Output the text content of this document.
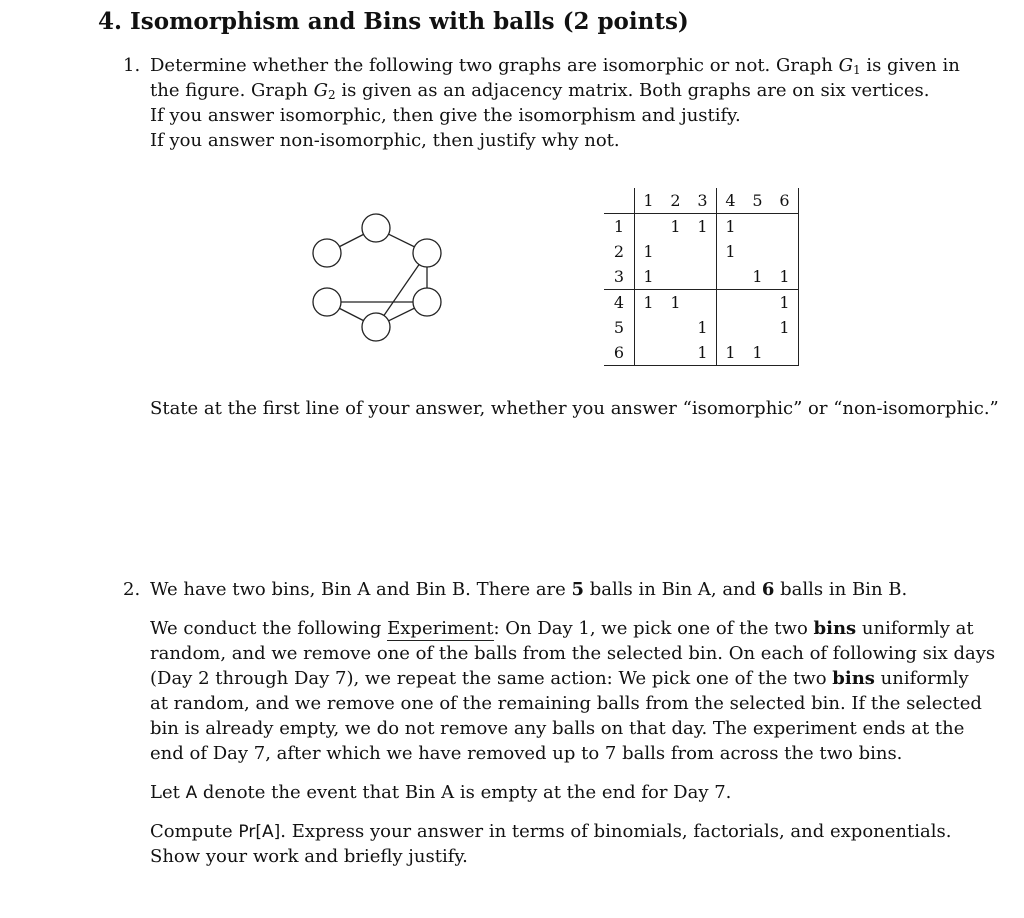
4. Isomorphism and Bins with balls (2 points)
1. Determine whether the following two graphs are isomorphic or not. Graph $G_1$ is given in
the figure. Graph $G_2$ is given as an adjacency matrix. Both graphs are on six vertices.
If you answer isomorphic, then give the isomorphism and justify.
If you answer non-isomorphic, then justify why not.
	1	2	3	4	5	6
1		1	1	1		
2	1			1		
3	1				1	1
4	1	1				1
5			1			1
6			1	1	1	
State at the first line of your answer, whether you answer “isomorphic” or “non-isomorphic.”
2. We have two bins, Bin A and Bin B. There are 5 balls in Bin A, and 6 balls in Bin B.
We conduct the following Experiment: On Day 1, we pick one of the two bins uniformly at
random, and we remove one of the balls from the selected bin. On each of following six days
(Day 2 through Day 7), we repeat the same action: We pick one of the two bins uniformly
at random, and we remove one of the remaining balls from the selected bin. If the selected
bin is already empty, we do not remove any balls on that day. The experiment ends at the
end of Day 7, after which we have removed up to 7 balls from across the two bins.
Let A denote the event that Bin A is empty at the end for Day 7.
Compute Pr[A]. Express your answer in terms of binomials, factorials, and exponentials.
Show your work and briefly justify.
